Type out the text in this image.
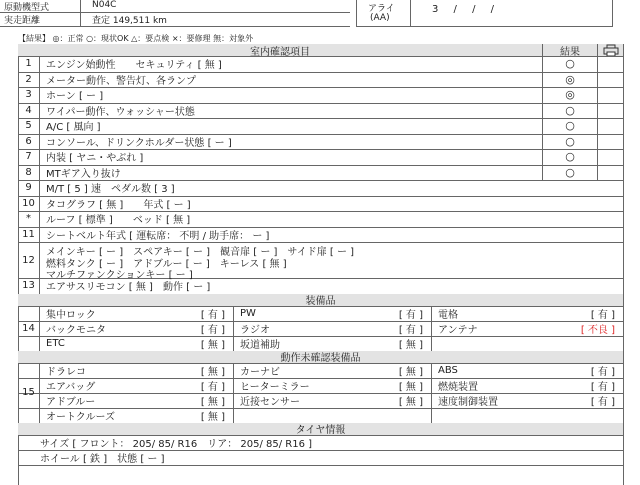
原動機型式	N04C
実走距離	査定 149,511 km
アライ
(AA)
3 / / /
【結果】 ◎：正常 ○：現状OK △：要点検 ×：要修理 無：対象外
室内確認項目	結果
1	エンジン始動性　　セキュリティ [ 無 ]	○
2	メーター動作、警告灯、各ランプ	◎
3	ホーン [ ー ]	◎
4	ワイパー動作、ウォッシャー状態	○
5	A/C [ 風向 ]	○
6	コンソール、ドリンクホルダー状態 [ ー ]	○
7	内装 [ ヤニ・やぶれ ]	○
8	MTギア入り抜け	○
9	M/T [ 5 ] 速　ペダル数 [ 3 ]
10	タコグラフ [ 無 ]　　年式 [ ー ]
*	ルーフ [ 標準 ]　　ベッド [ 無 ]
11	シートベルト年式 [ 運転席： 不明 / 助手席： ー ]
12
メインキー [ ー ]　スペアキー [ ー ]　観音扉 [ ー ]　サイド扉 [ ー ]
燃料タンク [ ー ]　アドブルー [ ー ]　キーレス [ 無 ]
マルチファンクションキー [ ー ]
13	エアサスリモコン [ 無 ]　動作 [ ー ]
装備品
集中ロック	[ 有 ] PW	[ 有 ] 電格	[ 有 ]
バックモニタ	[ 有 ] ラジオ	[ 有 ] アンテナ	[ 不良 ]
ETC	[ 無 ] 坂道補助	[ 無 ]
14
動作未確認装備品
ドラレコ	[ 無 ] カーナビ	[ 無 ] ABS	[ 有 ]
エアバッグ	[ 有 ] ヒーターミラー	[ 無 ] 燃焼装置	[ 有 ]
アドブルー	[ 無 ] 近接センサー	[ 無 ] 速度制御装置	[ 有 ]
オートクルーズ	[ 無 ]
15
タイヤ情報
サイズ [ フロント： 205/ 85/ R16　リア： 205/ 85/ R16 ]
ホイール [ 鉄 ]　状態 [ ー ]
